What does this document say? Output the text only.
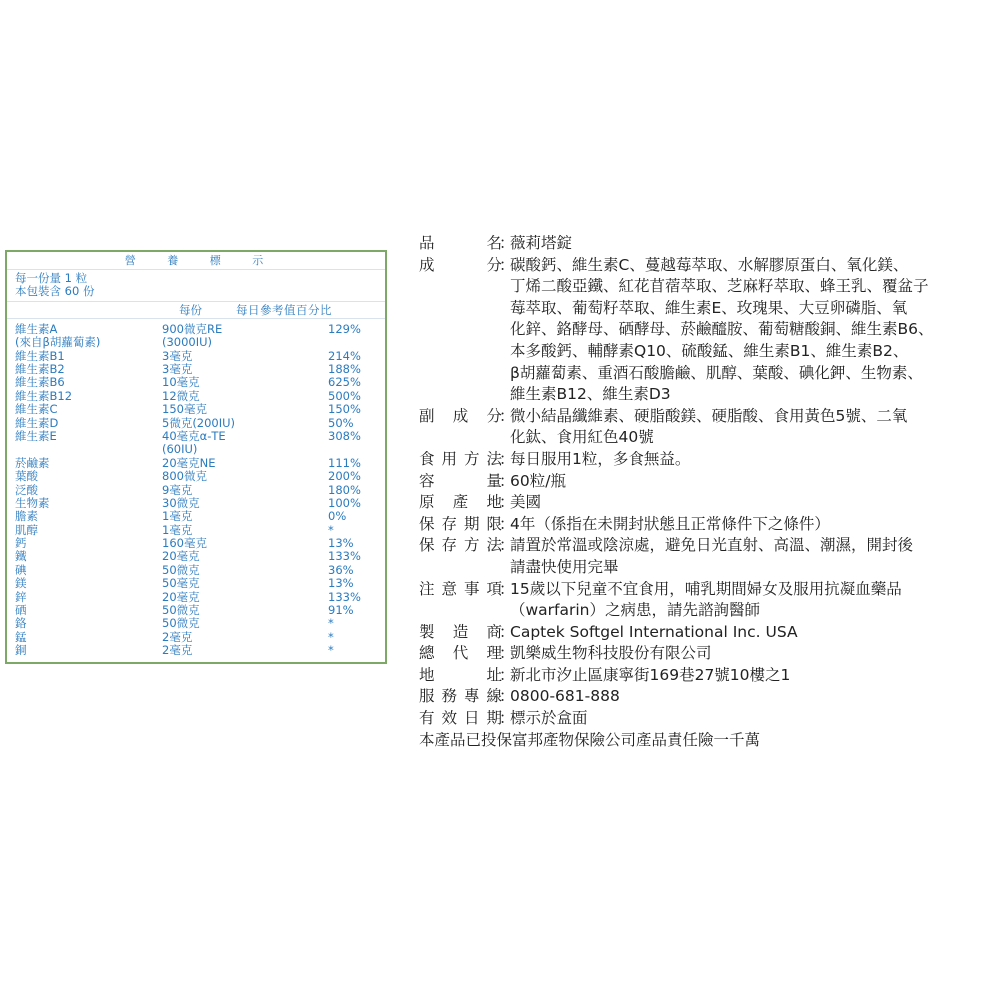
營 養 標 示
每一份量 1 粒
本包裝含 60 份
每份	每日參考值百分比
維生素A	900微克RE	129%
(來自β胡蘿蔔素)	(3000IU)
維生素B1	3毫克	214%
維生素B2	3毫克	188%
維生素B6	10毫克	625%
維生素B12	12微克	500%
維生素C	150毫克	150%
維生素D	5微克(200IU)	50%
維生素E	40毫克α-TE	308%
(60IU)
菸鹼素	20毫克NE	111%
葉酸	800微克	200%
泛酸	9毫克	180%
生物素	30微克	100%
膽素	1毫克	0%
肌醇	1毫克	*
鈣	160毫克	13%
鐵	20毫克	133%
碘	50微克	36%
鎂	50毫克	13%
鋅	20毫克	133%
硒	50微克	91%
鉻	50微克	*
錳	2毫克	*
銅	2毫克	*
品	名
：
薇莉塔錠
成	分
：
碳酸鈣、維生素C、蔓越莓萃取、水解膠原蛋白、氧化鎂、
丁烯二酸亞鐵、紅花苜蓿萃取、芝麻籽萃取、蜂王乳、覆盆子
莓萃取、葡萄籽萃取、維生素E、玫瑰果、大豆卵磷脂、氧
化鋅、鉻酵母、硒酵母、菸鹼醯胺、葡萄糖酸銅、維生素B6、
本多酸鈣、輔酵素Q10、硫酸錳、維生素B1、維生素B2、
β胡蘿蔔素、重酒石酸膽鹼、肌醇、葉酸、碘化鉀、生物素、
維生素B12、維生素D3
副 成 分
：
微小結晶纖維素、硬脂酸鎂、硬脂酸、食用黃色5號、二氧
化鈦、食用紅色40號
食 用 方 法
：
每日服用1粒，多食無益。
容	量
：
60粒/瓶
原 產 地
：
美國
保 存 期 限
：
4年（係指在未開封狀態且正常條件下之條件）
保 存 方 法
：
請置於常溫或陰涼處，避免日光直射、高溫、潮濕，開封後
請盡快使用完畢
注 意 事 項
：
15歲以下兒童不宜食用，哺乳期間婦女及服用抗凝血藥品
（warfarin）之病患，請先諮詢醫師
製 造 商
：
Captek Softgel International Inc. USA
總 代 理
：
凱樂威生物科技股份有限公司
地	址
：
新北市汐止區康寧街169巷27號10樓之1
服 務 專 線
：
0800-681-888
有 效 日 期
：
標示於盒面
本產品已投保富邦產物保險公司產品責任險一千萬
